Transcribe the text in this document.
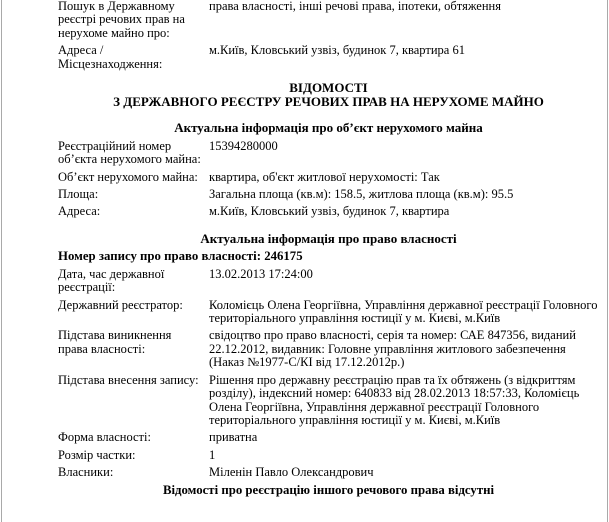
Пошук в Державному реєстрі речових прав на нерухоме майно про:
права власності, інші речові права, іпотеки, обтяження
Адреса / Місцезнаходження:
м.Київ, Кловський узвіз, будинок 7, квартира 61
ВІДОМОСТІ
З ДЕРЖАВНОГО РЕЄСТРУ РЕЧОВИХ ПРАВ НА НЕРУХОМЕ МАЙНО
Актуальна інформація про об’єкт нерухомого майна
Реєстраційний номер об’єкта нерухомого майна:
15394280000
Об’єкт нерухомого майна: квартира, об'єкт житлової нерухомості: Так
Площа:	Загальна площа (кв.м): 158.5, житлова площа (кв.м): 95.5
Адреса:	м.Київ, Кловський узвіз, будинок 7, квартира
Актуальна інформація про право власності
Номер запису про право власності: 246175
Дата, час державної реєстрації:
13.02.2013 17:24:00
Державний реєстратор:	Коломієць Олена Георгіївна, Управління державної реєстрації Головного територіального управління юстиції у м. Києві, м.Київ
Підстава виникнення права власності:
свідоцтво про право власності, серія та номер: САЕ 847356, виданий 22.12.2012, видавник: Головне управління житлового забезпечення (Наказ №1977-С/КІ від 17.12.2012р.)
Підстава внесення запису: Рішення про державну реєстрацію прав та їх обтяжень (з відкриттям розділу), індексний номер: 640833 від 28.02.2013 18:57:33, Коломієць Олена Георгіївна, Управління державної реєстрації Головного територіального управління юстиції у м. Києві, м.Київ
Форма власності:	приватна
Розмір частки:	1
Власники:	Міленін Павло Олександрович
Відомості про реєстрацію іншого речового права відсутні
